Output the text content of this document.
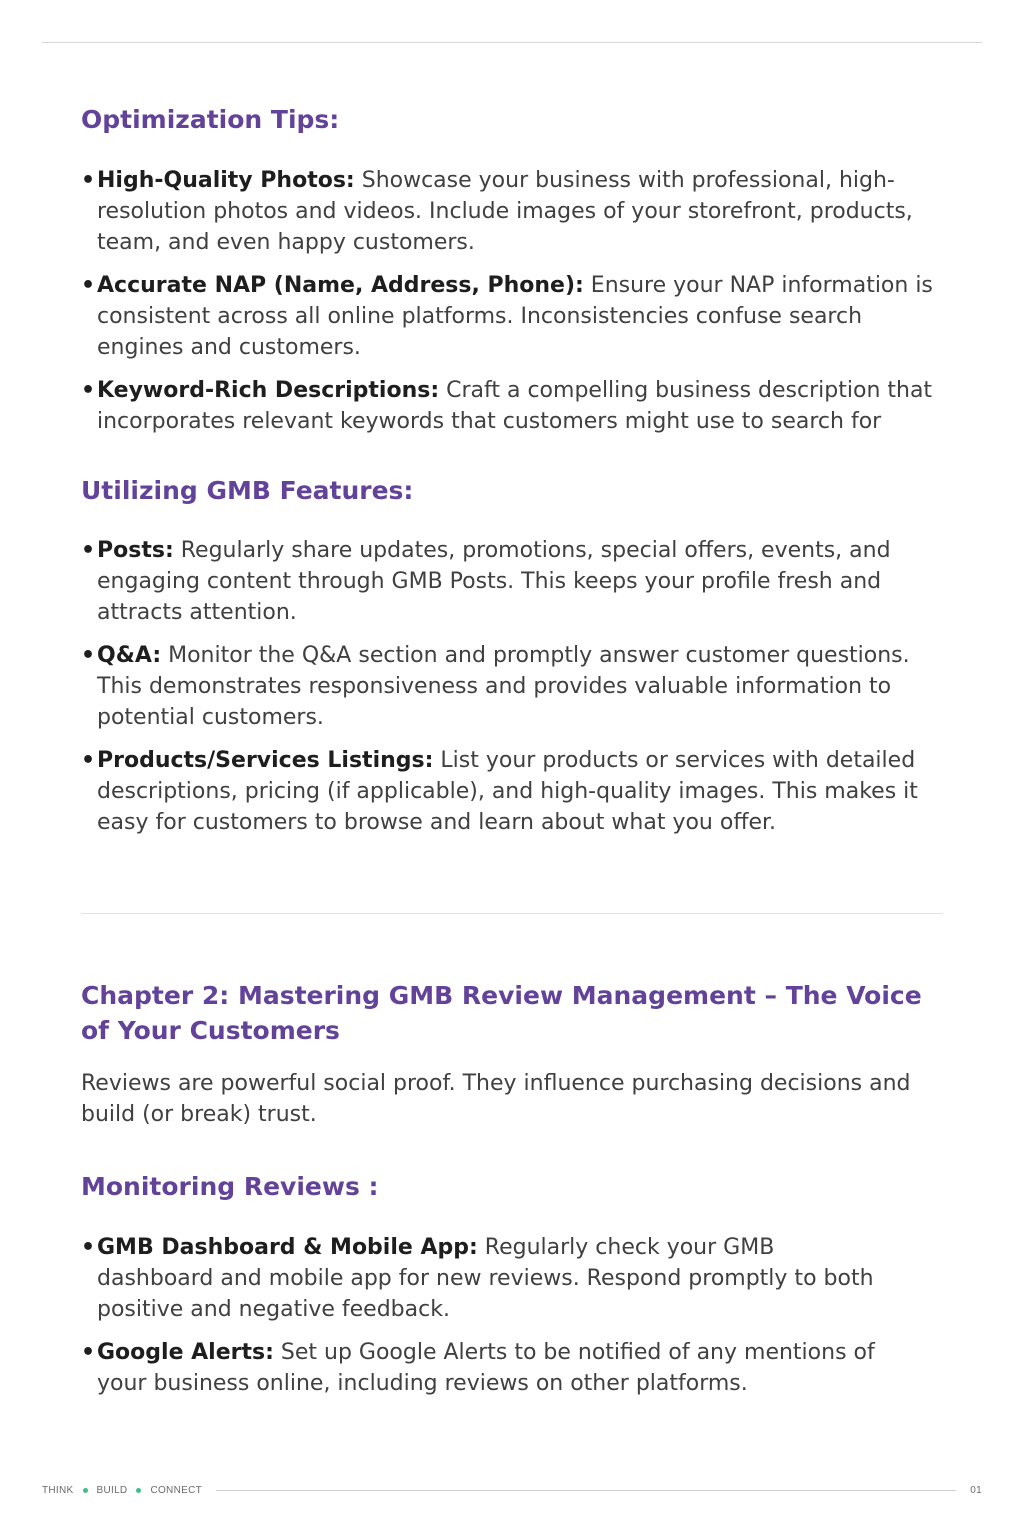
Optimization Tips:
• High-Quality Photos: Showcase your business with professional, high-resolution photos and videos. Include images of your storefront, products, team, and even happy customers.
• Accurate NAP (Name, Address, Phone): Ensure your NAP information is consistent across all online platforms. Inconsistencies confuse search engines and customers.
• Keyword-Rich Descriptions: Craft a compelling business description that incorporates relevant keywords that customers might use to search for
Utilizing GMB Features:
• Posts: Regularly share updates, promotions, special offers, events, and engaging content through GMB Posts. This keeps your profile fresh and attracts attention.
• Q&A: Monitor the Q&A section and promptly answer customer questions. This demonstrates responsiveness and provides valuable information to potential customers.
• Products/Services Listings: List your products or services with detailed descriptions, pricing (if applicable), and high-quality images. This makes it easy for customers to browse and learn about what you offer.
Chapter 2: Mastering GMB Review Management – The Voice of Your Customers

Reviews are powerful social proof. They influence purchasing decisions and build (or break) trust.

Monitoring Reviews :
• GMB Dashboard & Mobile App: Regularly check your GMB dashboard and mobile app for new reviews. Respond promptly to both positive and negative feedback.
• Google Alerts: Set up Google Alerts to be notified of any mentions of your business online, including reviews on other platforms.
THINK BUILD CONNECT	01
